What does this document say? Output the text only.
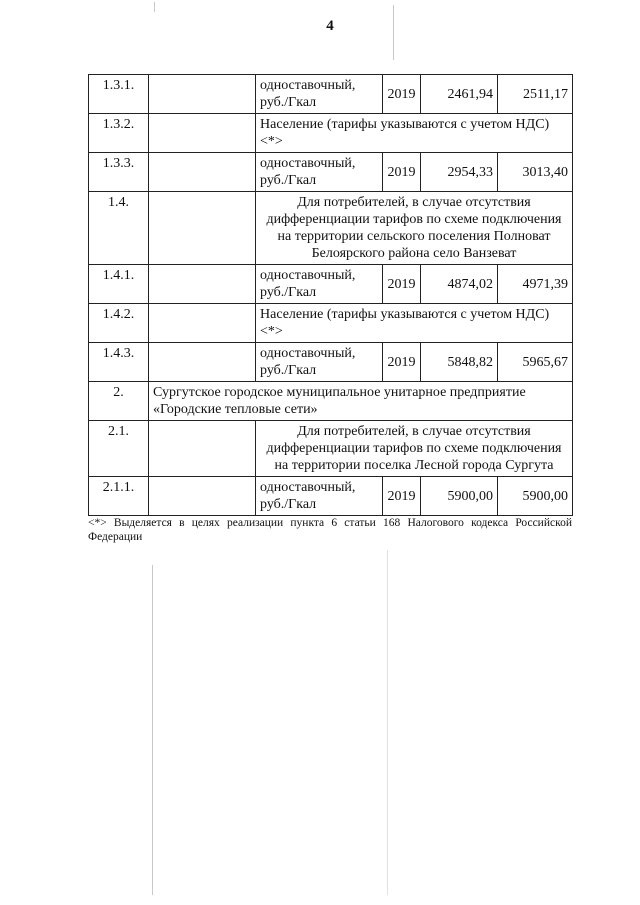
4
1.3.1.		одноставочный, руб./Гкал	2019	2461,94	2511,17
1.3.2.		Население (тарифы указываются с учетом НДС) <*>			
1.3.3.		одноставочный, руб./Гкал	2019	2954,33	3013,40
1.4.		Для потребителей, в случае отсутствия дифференциации тарифов по схеме подключения на территории сельского поселения Полноват Белоярского района село Ванзеват			
1.4.1.		одноставочный, руб./Гкал	2019	4874,02	4971,39
1.4.2.		Население (тарифы указываются с учетом НДС) <*>			
1.4.3.		одноставочный, руб./Гкал	2019	5848,82	5965,67
2.	Сургутское городское муниципальное унитарное предприятие «Городские тепловые сети»				
2.1.		Для потребителей, в случае отсутствия дифференциации тарифов по схеме подключения на территории поселка Лесной города Сургута			
2.1.1.		одноставочный, руб./Гкал	2019	5900,00	5900,00
<*> Выделяется в целях реализации пункта 6 статьи 168 Налогового кодекса Российской Федерации
